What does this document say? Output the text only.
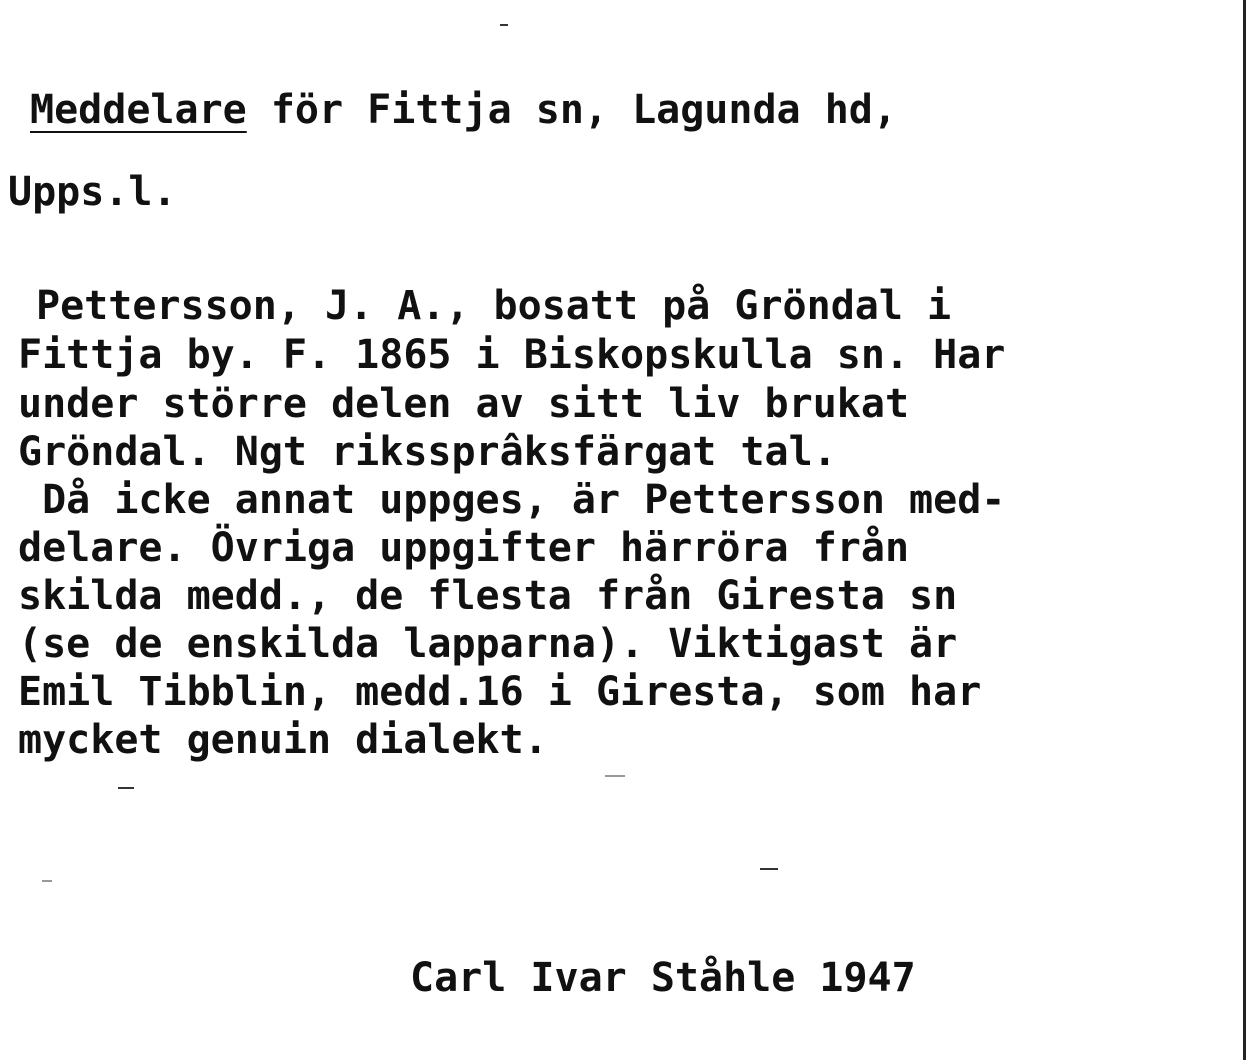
Meddelare för Fittja sn, Lagunda hd,
Upps.l.
Pettersson, J. A., bosatt på Gröndal i
Fittja by. F. 1865 i Biskopskulla sn. Har
under större delen av sitt liv brukat
Gröndal. Ngt rikssprâksfärgat tal.
Då icke annat uppges, är Pettersson med-
delare. Övriga uppgifter härröra från
skilda medd., de flesta från Giresta sn
(se de enskilda lapparna). Viktigast är
Emil Tibblin, medd.16 i Giresta, som har
mycket genuin dialekt.
Carl Ivar Ståhle 1947
